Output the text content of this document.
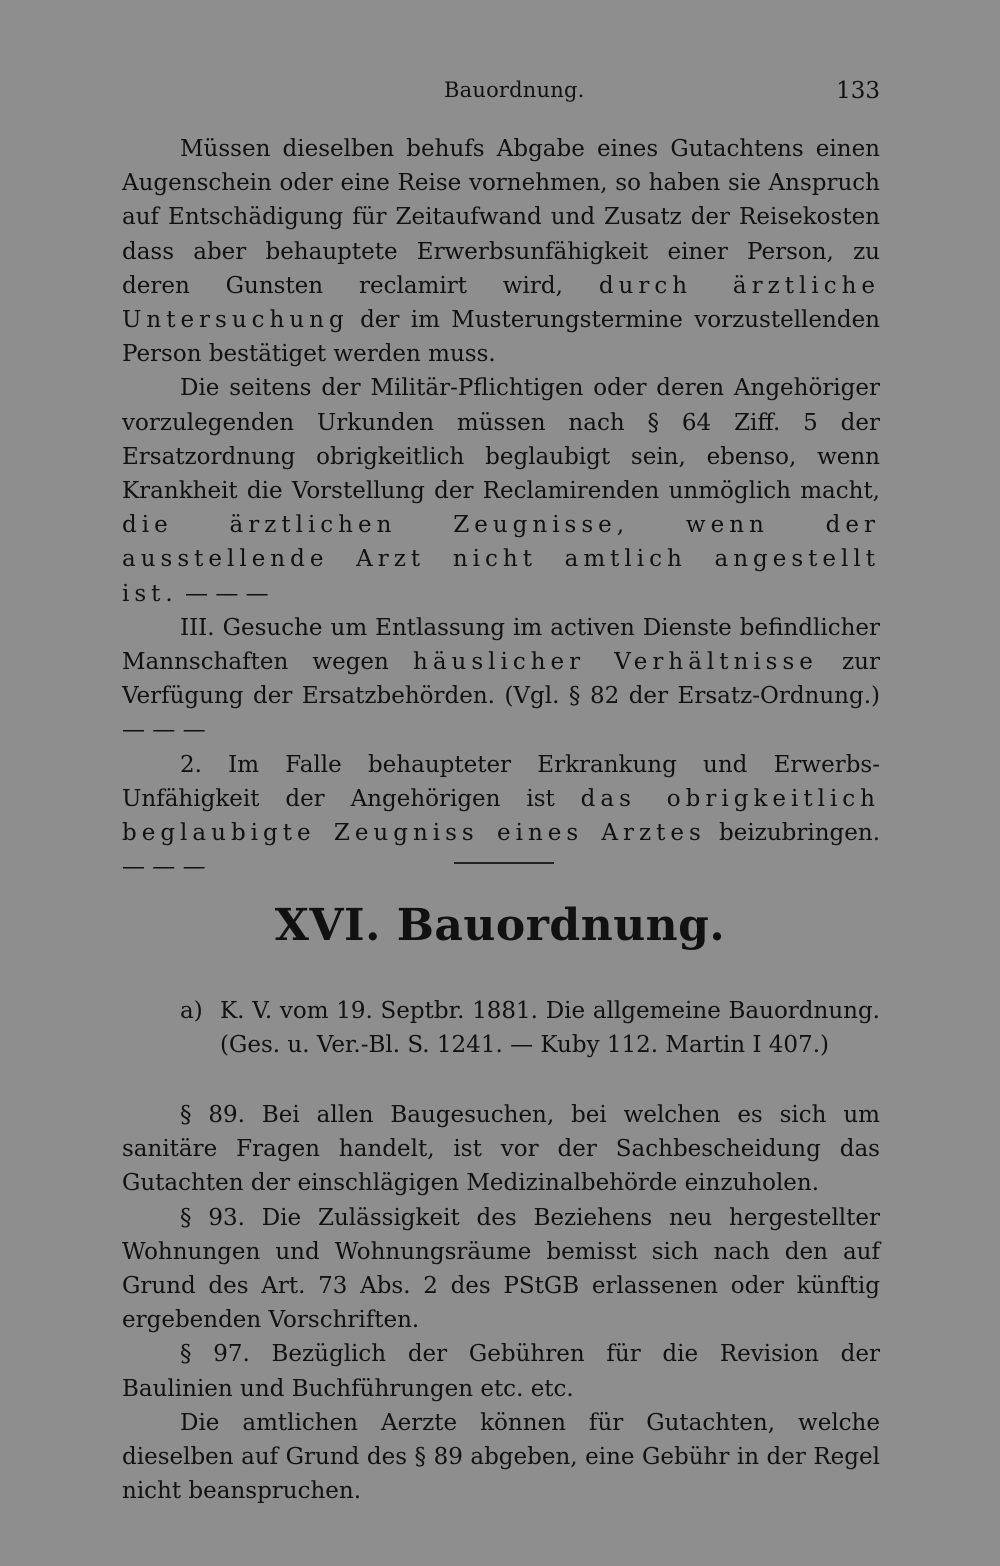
Bauordnung.	133

Müssen dieselben behufs Abgabe eines Gutachtens einen Augenschein oder eine Reise vornehmen, so haben sie Anspruch auf Entschädigung für Zeitaufwand und Zusatz der Reisekosten dass aber behauptete Erwerbsunfähigkeit einer Person, zu deren Gunsten reclamirt wird, durch ärztliche Untersuchung der im Musterungstermine vorzustellenden Person bestätiget werden muss.

Die seitens der Militär-Pflichtigen oder deren Angehöriger vorzulegenden Urkunden müssen nach § 64 Ziff. 5 der Ersatzordnung obrigkeitlich beglaubigt sein, ebenso, wenn Krankheit die Vorstellung der Reclamirenden unmöglich macht, die ärztlichen Zeugnisse, wenn der ausstellende Arzt nicht amtlich angestellt ist. — — —

III. Gesuche um Entlassung im activen Dienste befindlicher Mannschaften wegen häuslicher Verhältnisse zur Verfügung der Ersatzbehörden. (Vgl. § 82 der Ersatz-Ordnung.) — — —

2. Im Falle behaupteter Erkrankung und Erwerbs-Unfähigkeit der Angehörigen ist das obrigkeitlich beglaubigte Zeugniss eines Arztes beizubringen. — — —

XVI. Bauordnung.
a) K. V. vom 19. Septbr. 1881. Die allgemeine Bauordnung. (Ges. u. Ver.-Bl. S. 1241. — Kuby 112. Martin I 407.)

§ 89. Bei allen Baugesuchen, bei welchen es sich um sanitäre Fragen handelt, ist vor der Sachbescheidung das Gutachten der einschlägigen Medizinalbehörde einzuholen.

§ 93. Die Zulässigkeit des Beziehens neu hergestellter Wohnungen und Wohnungsräume bemisst sich nach den auf Grund des Art. 73 Abs. 2 des PStGB erlassenen oder künftig ergebenden Vorschriften.

§ 97. Bezüglich der Gebühren für die Revision der Baulinien und Buchführungen etc. etc.

Die amtlichen Aerzte können für Gutachten, welche dieselben auf Grund des § 89 abgeben, eine Gebühr in der Regel nicht beanspruchen.
